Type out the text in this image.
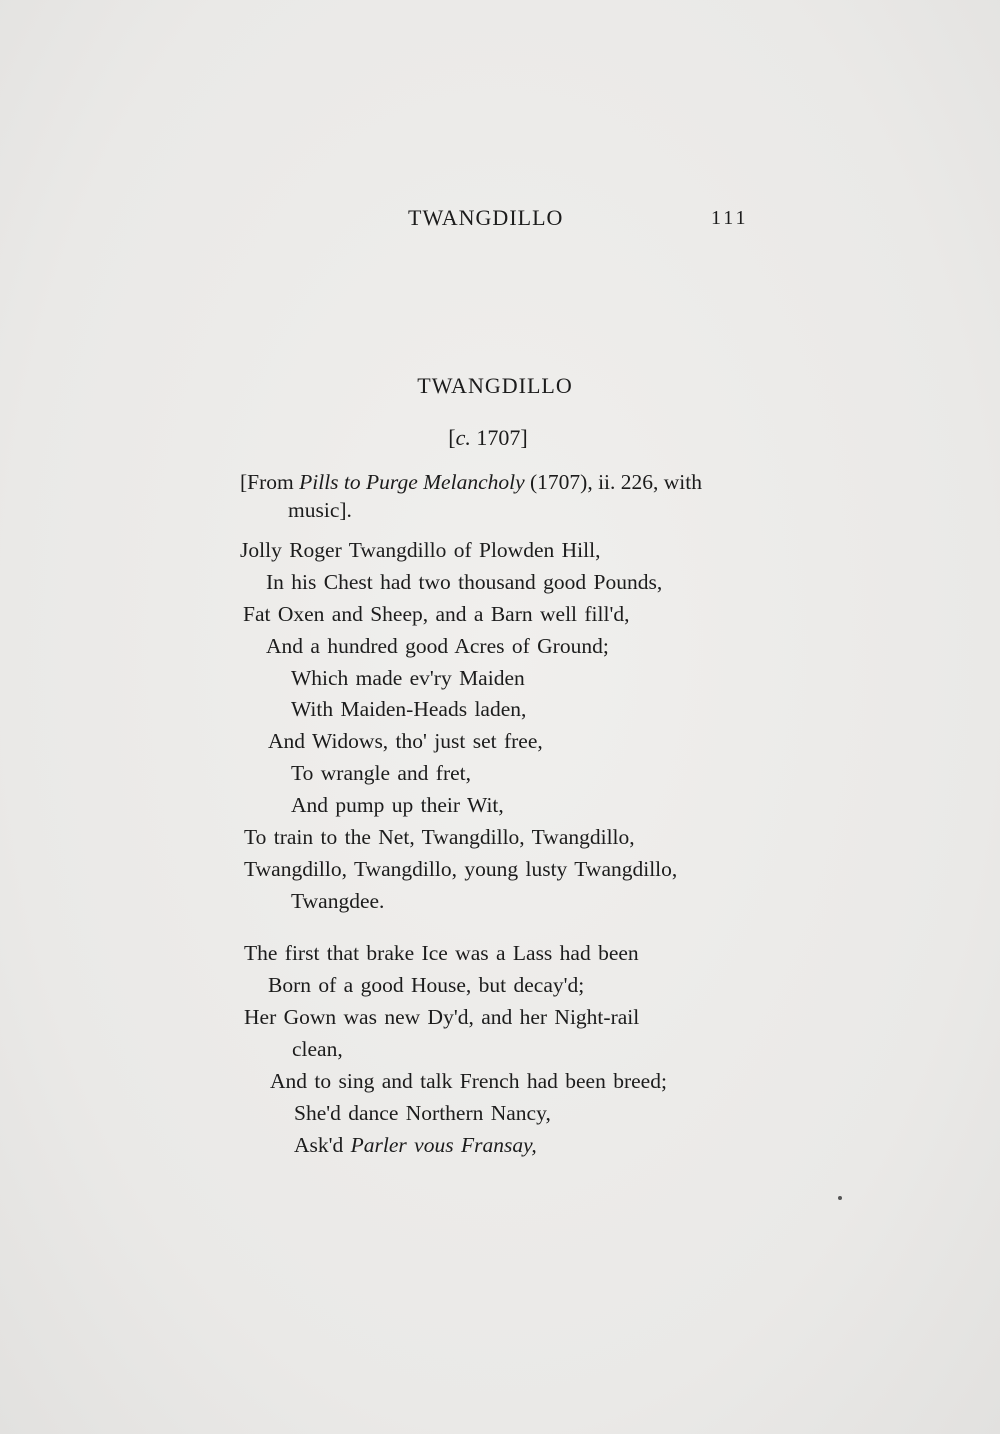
TWANGDILLO	111
TWANGDILLO
[c. 1707]
[From Pills to Purge Melancholy (1707), ii. 226, with
music].
Jolly Roger Twangdillo of Plowden Hill,
In his Chest had two thousand good Pounds,
Fat Oxen and Sheep, and a Barn well fill'd,
And a hundred good Acres of Ground;
Which made ev'ry Maiden
With Maiden-Heads laden,
And Widows, tho' just set free,
To wrangle and fret,
And pump up their Wit,
To train to the Net, Twangdillo, Twangdillo,
Twangdillo, Twangdillo, young lusty Twangdillo,
Twangdee.
The first that brake Ice was a Lass had been
Born of a good House, but decay'd;
Her Gown was new Dy'd, and her Night-rail
clean,
And to sing and talk French had been breed;
She'd dance Northern Nancy,
Ask'd Parler vous Fransay,
